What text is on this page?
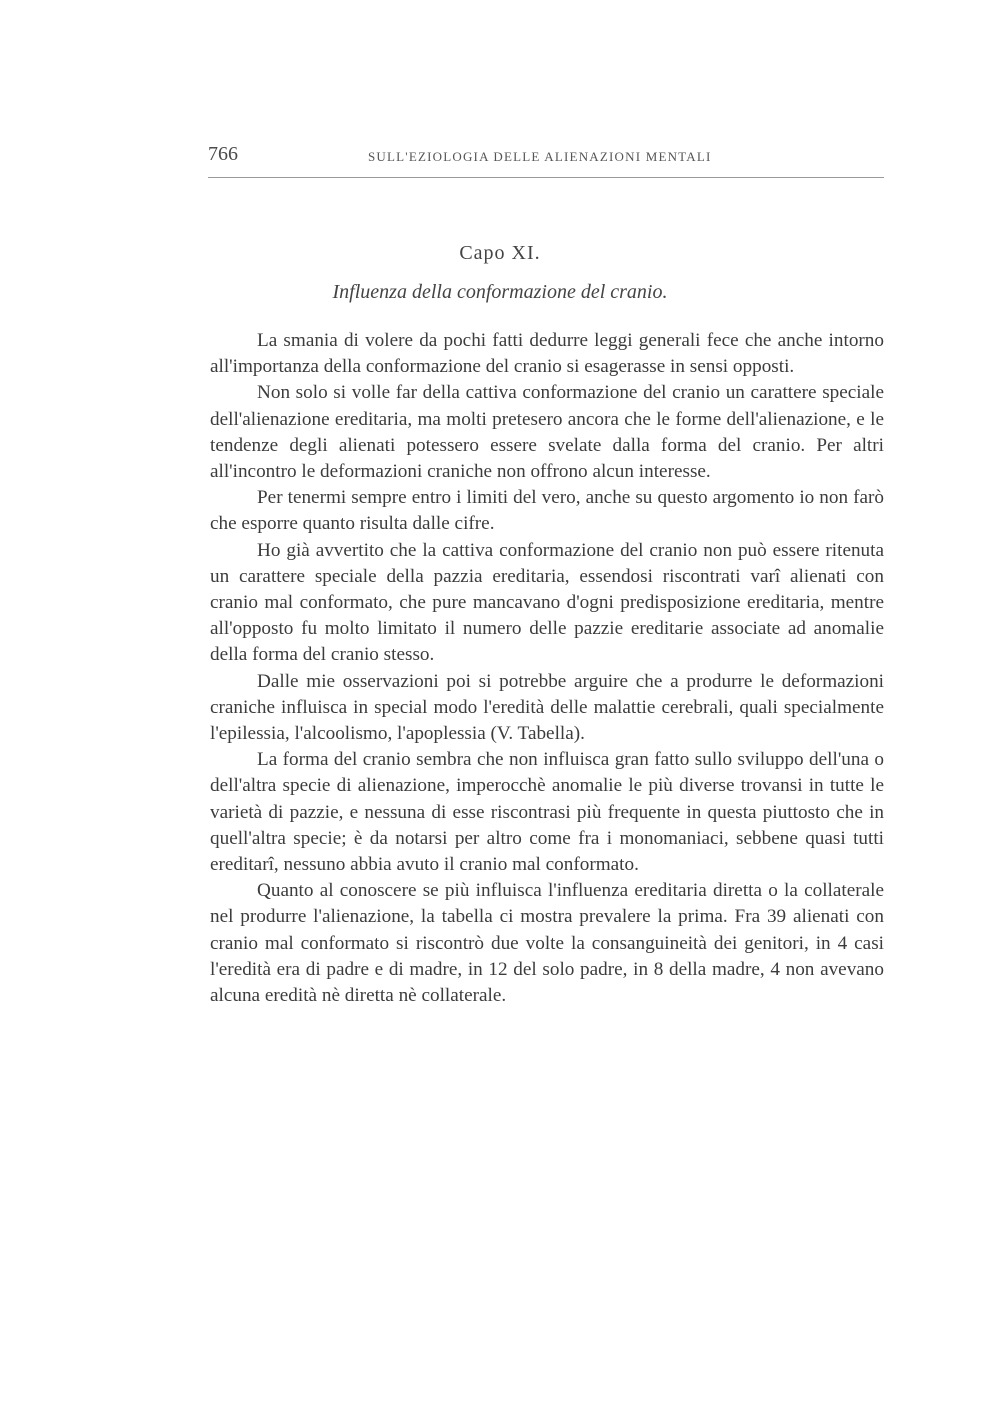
766	SULL'EZIOLOGIA DELLE ALIENAZIONI MENTALI
Capo XI.
Influenza della conformazione del cranio.

La smania di volere da pochi fatti dedurre leggi generali fece che anche intorno all'importanza della conformazione del cranio si esagerasse in sensi opposti.

Non solo si volle far della cattiva conformazione del cranio un carattere speciale dell'alienazione ereditaria, ma molti pretesero ancora che le forme dell'alienazione, e le tendenze degli alienati potessero essere svelate dalla forma del cranio. Per altri all'incontro le deformazioni craniche non offrono alcun interesse.

Per tenermi sempre entro i limiti del vero, anche su questo argomento io non farò che esporre quanto risulta dalle cifre.

Ho già avvertito che la cattiva conformazione del cranio non può essere ritenuta un carattere speciale della pazzia ereditaria, essendosi riscontrati varî alienati con cranio mal conformato, che pure mancavano d'ogni predisposizione ereditaria, mentre all'opposto fu molto limitato il numero delle pazzie ereditarie associate ad anomalie della forma del cranio stesso.

Dalle mie osservazioni poi si potrebbe arguire che a produrre le deformazioni craniche influisca in special modo l'eredità delle malattie cerebrali, quali specialmente l'epilessia, l'alcoolismo, l'apoplessia (V. Tabella).

La forma del cranio sembra che non influisca gran fatto sullo sviluppo dell'una o dell'altra specie di alienazione, imperocchè anomalie le più diverse trovansi in tutte le varietà di pazzie, e nessuna di esse riscontrasi più frequente in questa piuttosto che in quell'altra specie; è da notarsi per altro come fra i monomaniaci, sebbene quasi tutti ereditarî, nessuno abbia avuto il cranio mal conformato.

Quanto al conoscere se più influisca l'influenza ereditaria diretta o la collaterale nel produrre l'alienazione, la tabella ci mostra prevalere la prima. Fra 39 alienati con cranio mal conformato si riscontrò due volte la consanguineità dei genitori, in 4 casi l'eredità era di padre e di madre, in 12 del solo padre, in 8 della madre, 4 non avevano alcuna eredità nè diretta nè collaterale.
